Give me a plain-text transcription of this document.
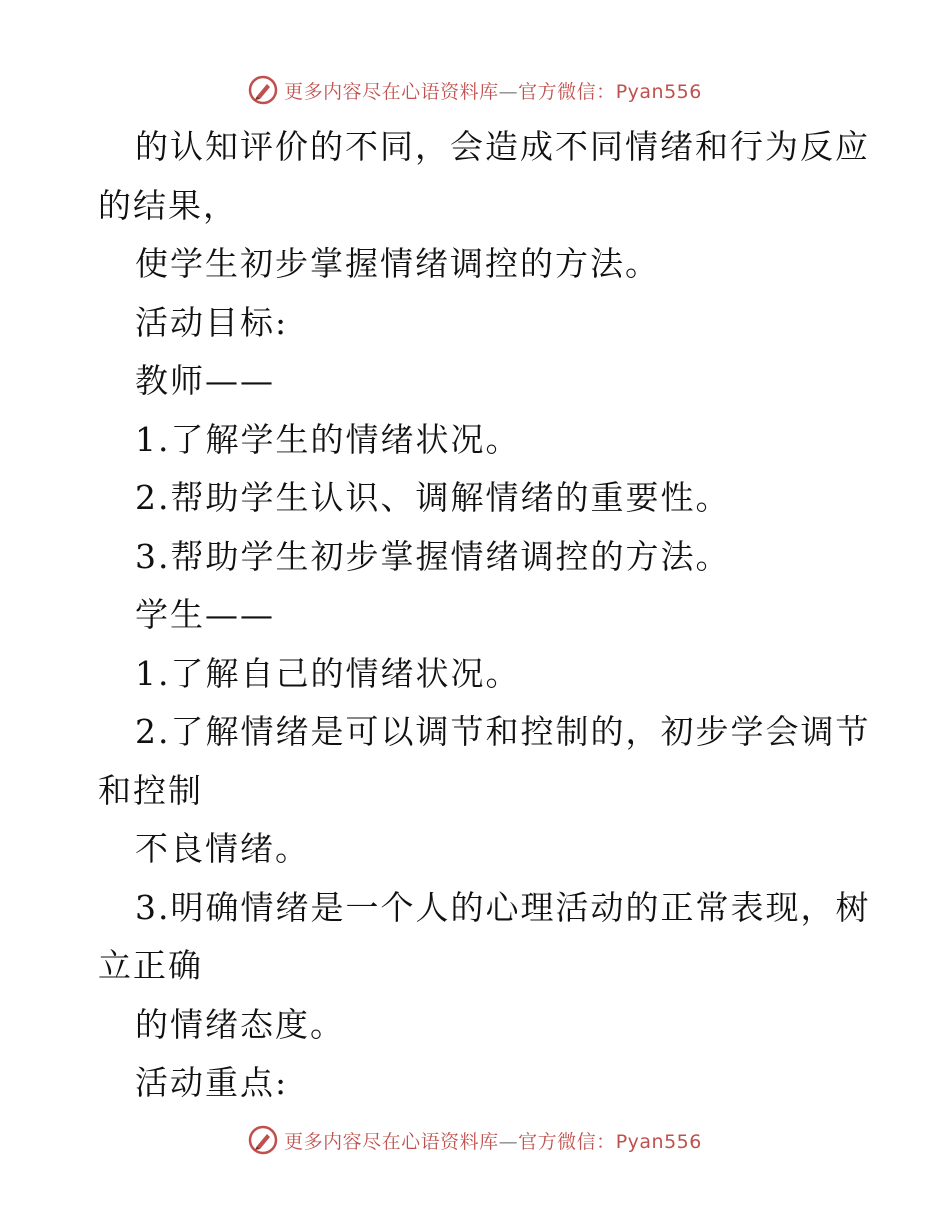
更多内容尽在心语资料库—官方微信：Pyan556
的认知评价的不同，会造成不同情绪和行为反应
的结果，
使学生初步掌握情绪调控的方法。
活动目标:
教师——
1.了解学生的情绪状况。
2.帮助学生认识、调解情绪的重要性。
3.帮助学生初步掌握情绪调控的方法。
学生——
1.了解自己的情绪状况。
2.了解情绪是可以调节和控制的，初步学会调节
和控制
不良情绪。
3.明确情绪是一个人的心理活动的正常表现，树
立正确
的情绪态度。
活动重点:
更多内容尽在心语资料库—官方微信：Pyan556
